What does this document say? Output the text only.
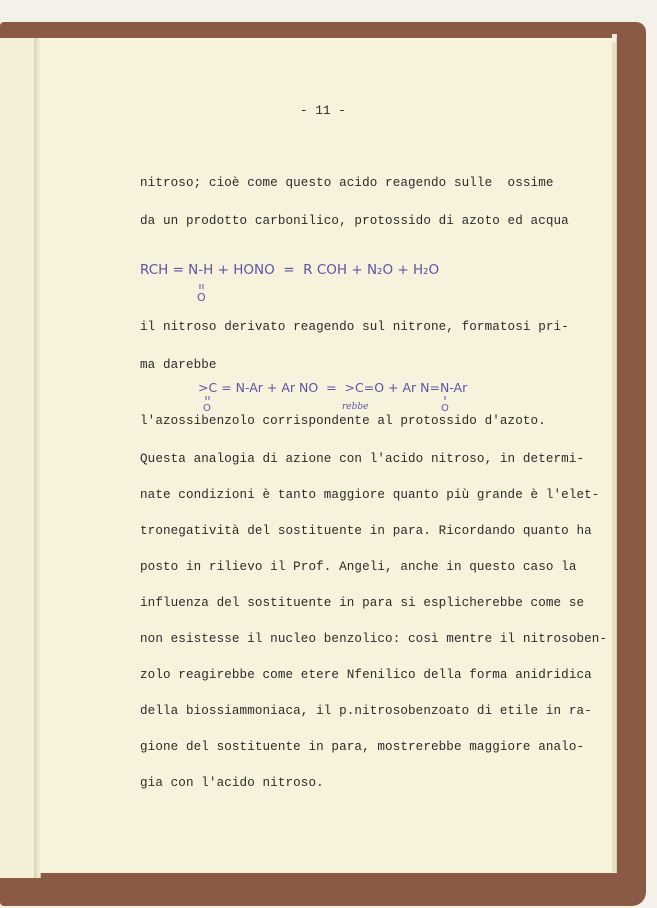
- 11 -
nitroso; cioè come questo acido reagendo sulle  ossime
da un prodotto carbonilico, protossido di azoto ed acqua
RCH = N-H + HONO  =  R COH + N₂O + H₂O
O
il nitroso derivato reagendo sul nitrone, formatosi pri-
ma darebbe
>C = N-Ar + Ar NO  =  >C=O + Ar N=N-Ar
O	O
rebbe
l'azossibenzolo corrispondente al protossido d'azoto.
Questa analogia di azione con l'acido nitroso, in determi-
nate condizioni è tanto maggiore quanto più grande è l'elet-
tronegatività del sostituente in para. Ricordando quanto ha
posto in rilievo il Prof. Angeli, anche in questo caso la
influenza del sostituente in para si esplicherebbe come se
non esistesse il nucleo benzolico: così mentre il nitrosoben-
zolo reagirebbe come etere Nfenilico della forma anidridica
della biossiammoniaca, il p.nitrosobenzoato di etile in ra-
gione del sostituente in para, mostrerebbe maggiore analo-
gia con l'acido nitroso.
